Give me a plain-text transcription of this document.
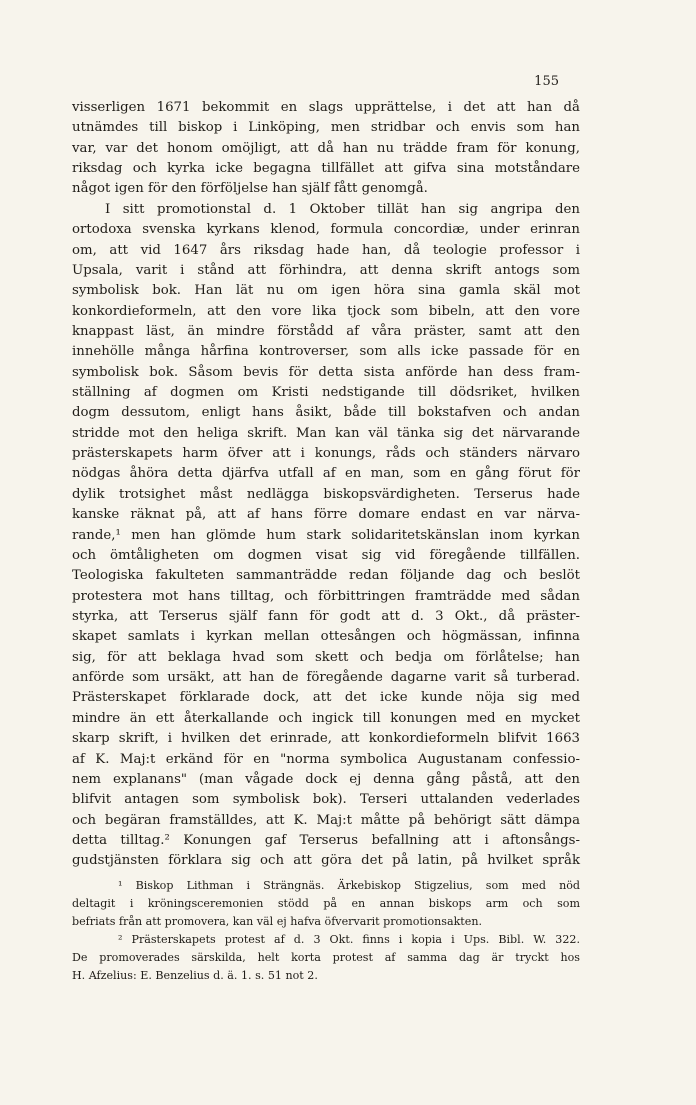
155

visserligen 1671 bekommit en slags upprättelse, i det att han då
utnämdes till biskop i Linköping, men stridbar och envis som han
var, var det honom omöjligt, att då han nu trädde fram för konung,
riksdag och kyrka icke begagna tillfället att gifva sina motståndare
något igen för den förföljelse han själf fått genomgå.
I sitt promotionstal d. 1 Oktober tillät han sig angripa den
ortodoxa svenska kyrkans klenod, formula concordiæ, under erinran
om, att vid 1647 års riksdag hade han, då teologie professor i
Upsala, varit i stånd att förhindra, att denna skrift antogs som
symbolisk bok. Han lät nu om igen höra sina gamla skäl mot
konkordieformeln, att den vore lika tjock som bibeln, att den vore
knappast läst, än mindre förstådd af våra präster, samt att den
innehölle många hårfina kontroverser, som alls icke passade för en
symbolisk bok. Såsom bevis för detta sista anförde han dess fram-
ställning af dogmen om Kristi nedstigande till dödsriket, hvilken
dogm dessutom, enligt hans åsikt, både till bokstafven och andan
stridde mot den heliga skrift. Man kan väl tänka sig det närvarande
prästerskapets harm öfver att i konungs, råds och ständers närvaro
nödgas åhöra detta djärfva utfall af en man, som en gång förut för
dylik trotsighet måst nedlägga biskopsvärdigheten. Terserus hade
kanske räknat på, att af hans förre domare endast en var närva-
rande,¹ men han glömde hum stark solidaritetskänslan inom kyrkan
och ömtåligheten om dogmen visat sig vid föregående tillfällen.
Teologiska fakulteten sammanträdde redan följande dag och beslöt
protestera mot hans tilltag, och förbittringen framträdde med sådan
styrka, att Terserus själf fann för godt att d. 3 Okt., då präster-
skapet samlats i kyrkan mellan ottesången och högmässan, infinna
sig, för att beklaga hvad som skett och bedja om förlåtelse; han
anförde som ursäkt, att han de föregående dagarne varit så turberad.
Prästerskapet förklarade dock, att det icke kunde nöja sig med
mindre än ett återkallande och ingick till konungen med en mycket
skarp skrift, i hvilken det erinrade, att konkordieformeln blifvit 1663
af K. Maj:t erkänd för en "norma symbolica Augustanam confessio-
nem explanans" (man vågade dock ej denna gång påstå, att den
blifvit antagen som symbolisk bok). Terseri uttalanden vederlades
och begäran framställdes, att K. Maj:t måtte på behörigt sätt dämpa
detta tilltag.² Konungen gaf Terserus befallning att i aftonsångs-
gudstjänsten förklara sig och att göra det på latin, på hvilket språk
¹ Biskop Lithman i Strängnäs. Ärkebiskop Stigzelius, som med nöd
deltagit i kröningsceremonien stödd på en annan biskops arm och som
befriats från att promovera, kan väl ej hafva öfvervarit promotionsakten.
² Prästerskapets protest af d. 3 Okt. finns i kopia i Ups. Bibl. W. 322.
De promoverades särskilda, helt korta protest af samma dag är tryckt hos
H. Afzelius: E. Benzelius d. ä. 1. s. 51 not 2.
